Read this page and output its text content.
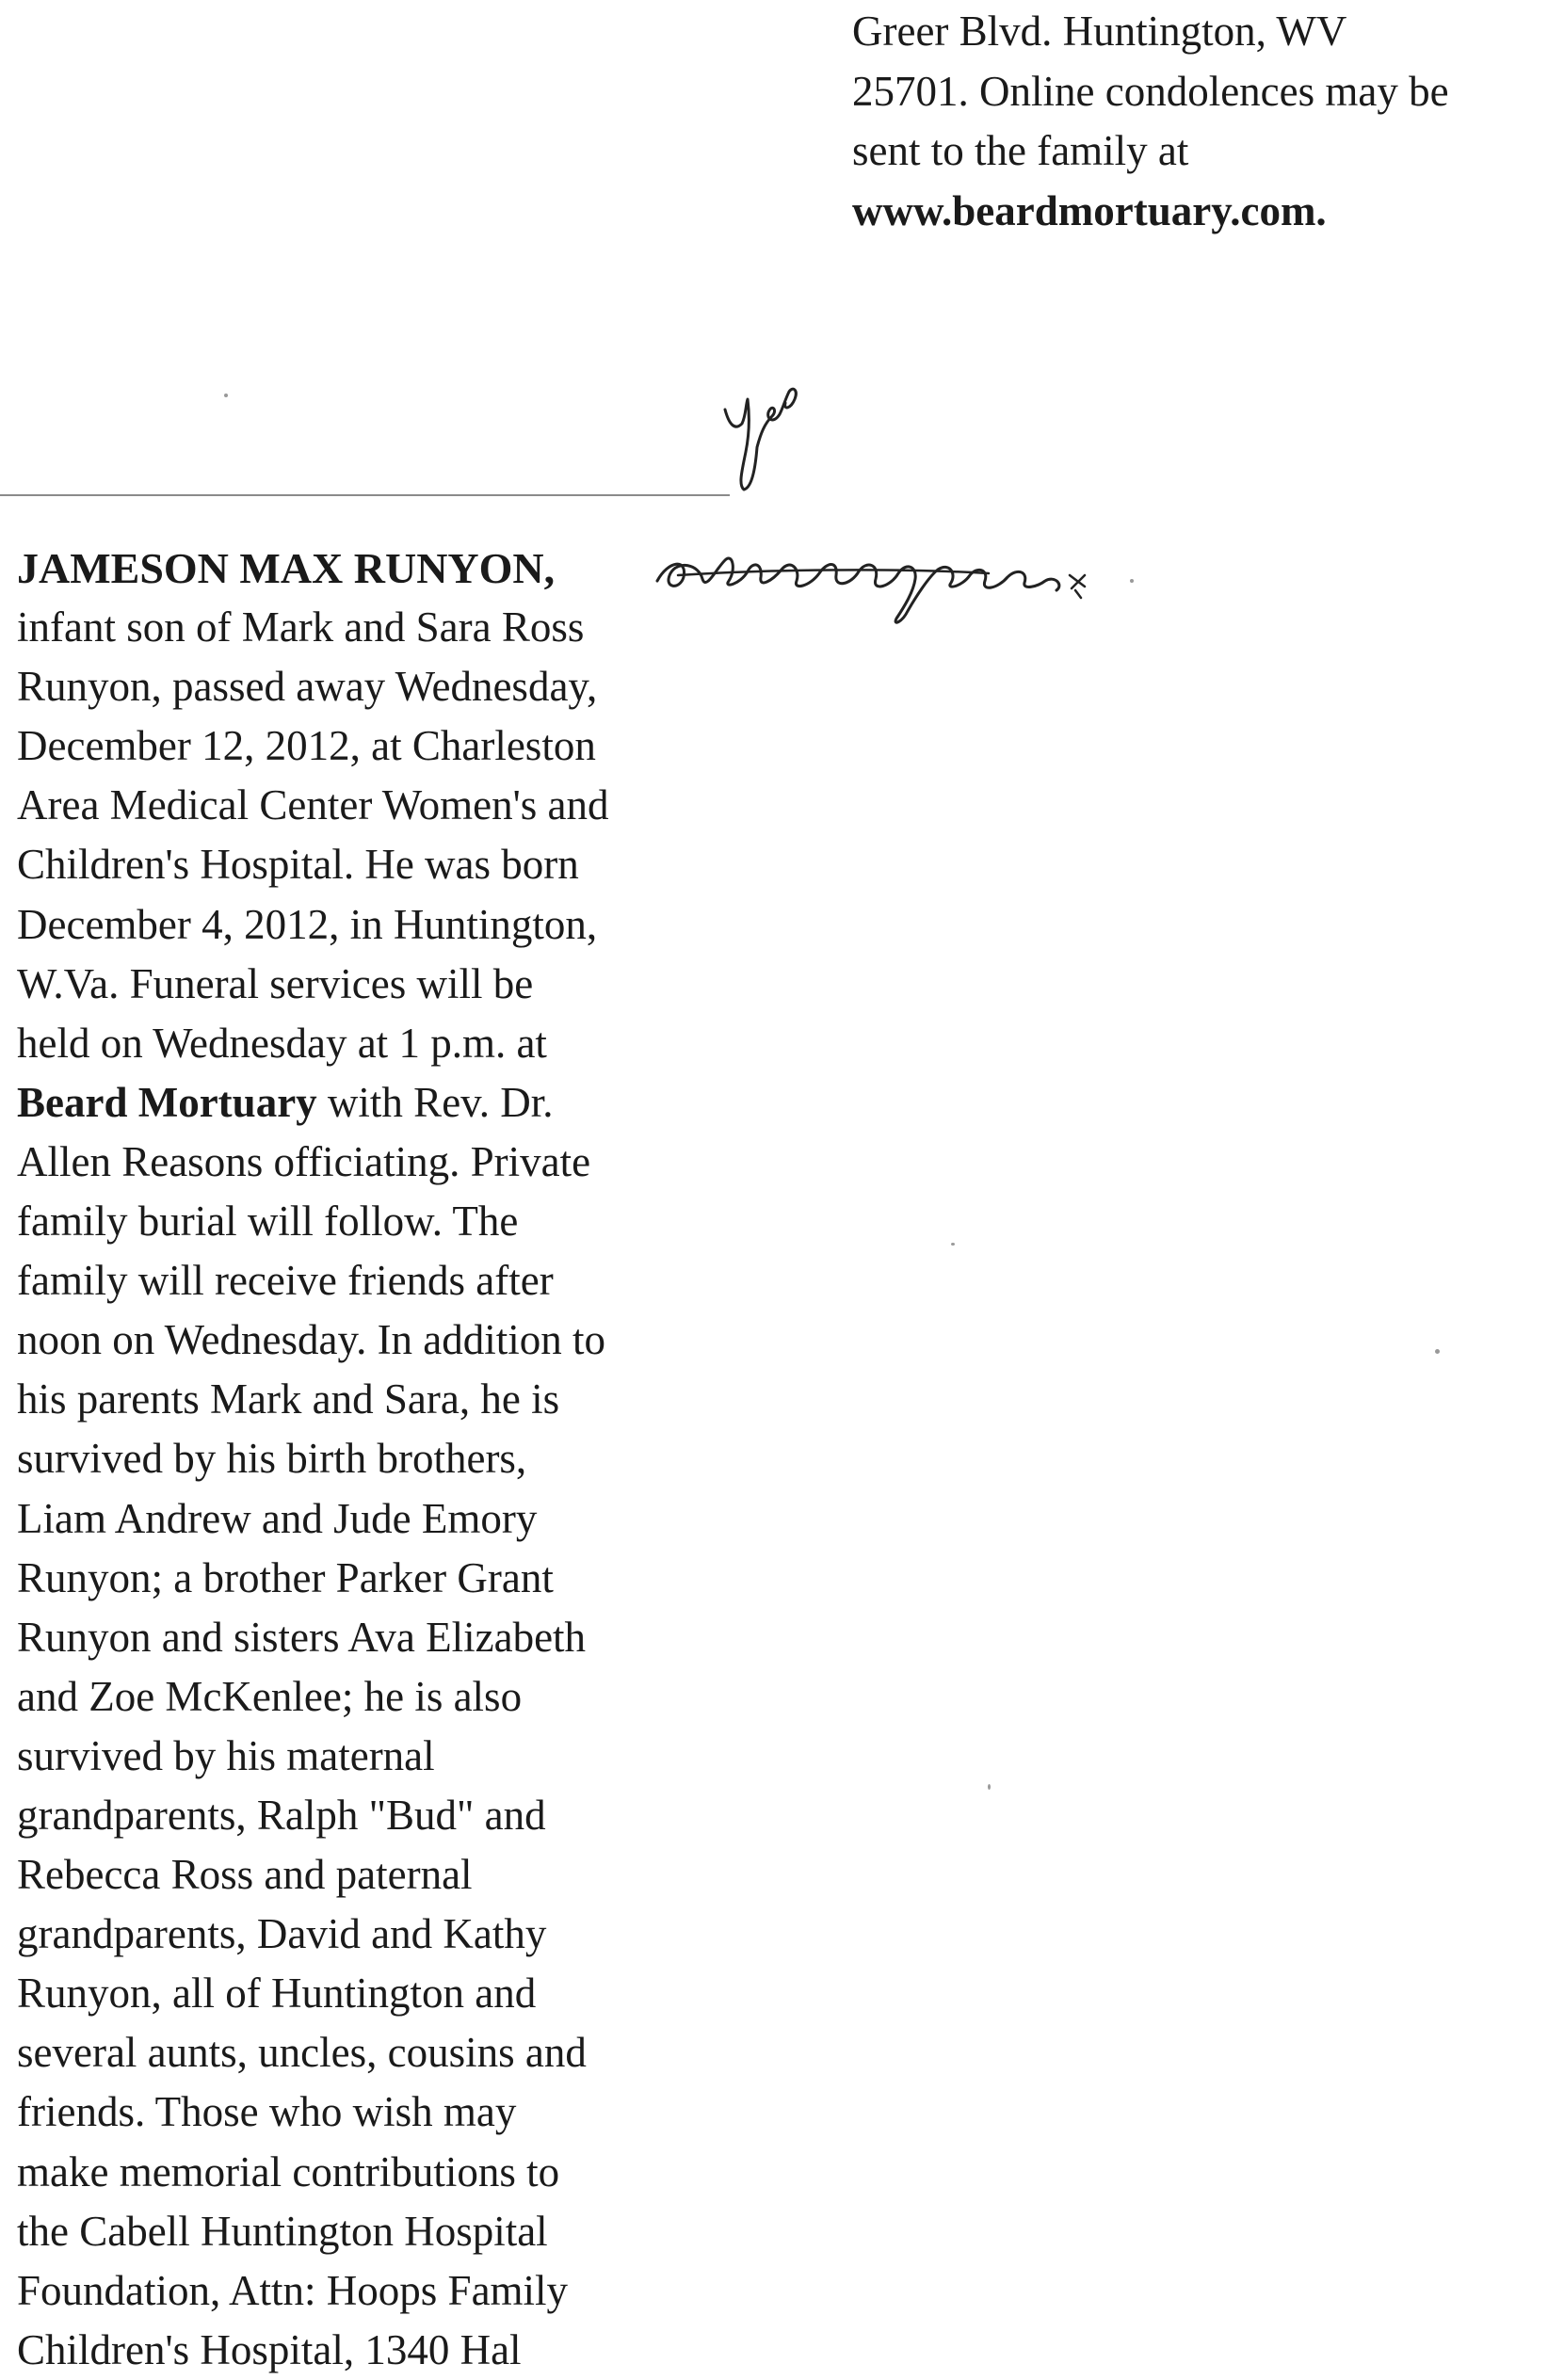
Greer Blvd. Huntington, WV
25701. Online condolences may be
sent to the family at
www.beardmortuary.com.
JAMESON MAX RUNYON,
infant son of Mark and Sara Ross
Runyon, passed away Wednesday,
December 12, 2012, at Charleston
Area Medical Center Women's and
Children's Hospital. He was born
December 4, 2012, in Huntington,
W.Va. Funeral services will be
held on Wednesday at 1 p.m. at
Beard Mortuary with Rev. Dr.
Allen Reasons officiating. Private
family burial will follow. The
family will receive friends after
noon on Wednesday. In addition to
his parents Mark and Sara, he is
survived by his birth brothers,
Liam Andrew and Jude Emory
Runyon; a brother Parker Grant
Runyon and sisters Ava Elizabeth
and Zoe McKenlee; he is also
survived by his maternal
grandparents, Ralph "Bud" and
Rebecca Ross and paternal
grandparents, David and Kathy
Runyon, all of Huntington and
several aunts, uncles, cousins and
friends. Those who wish may
make memorial contributions to
the Cabell Huntington Hospital
Foundation, Attn: Hoops Family
Children's Hospital, 1340 Hal
